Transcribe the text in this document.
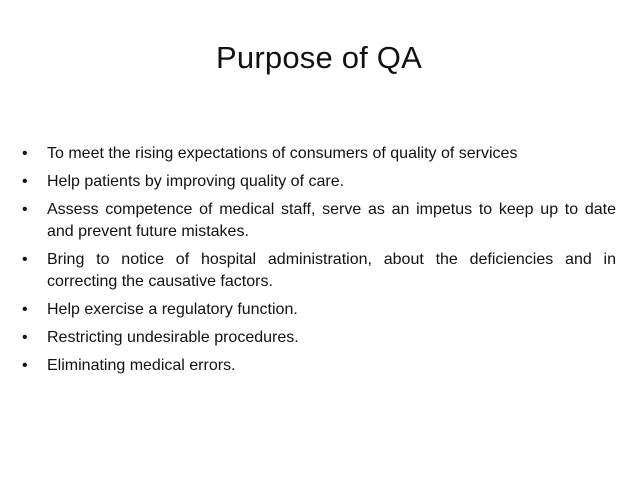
Purpose of QA
•	To meet the rising expectations of consumers of quality of services
•	Help patients by improving quality of care.
•	Assess competence of medical staff, serve as an impetus to keep up to date and prevent future mistakes.
•	Bring to notice of hospital administration, about the deficiencies and in correcting the causative factors.
•	Help exercise a regulatory function.
•	Restricting undesirable procedures.
•	Eliminating medical errors.
